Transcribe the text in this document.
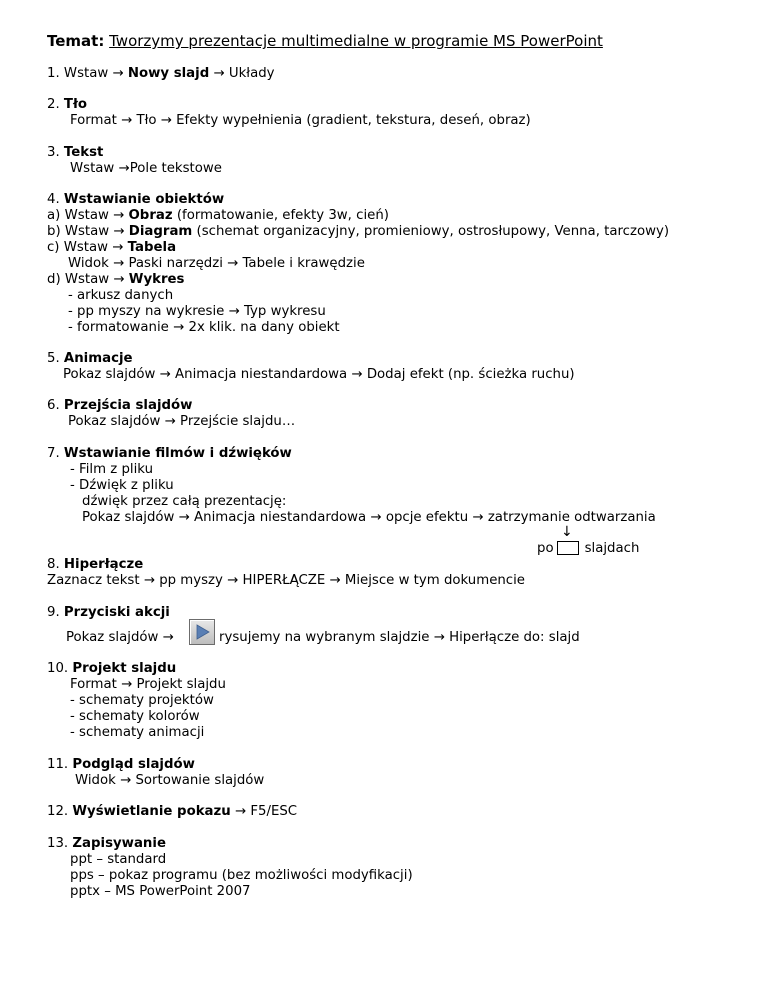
Temat: Tworzymy prezentacje multimedialne w programie MS PowerPoint
1. Wstaw → Nowy slajd → Układy
2. Tło
Format → Tło → Efekty wypełnienia (gradient, tekstura, deseń, obraz)
3. Tekst
Wstaw →Pole tekstowe
4. Wstawianie obiektów
a) Wstaw → Obraz (formatowanie, efekty 3w, cień)
b) Wstaw → Diagram (schemat organizacyjny, promieniowy, ostrosłupowy, Venna, tarczowy)
c) Wstaw → Tabela
Widok → Paski narzędzi → Tabele i krawędzie
d) Wstaw → Wykres
- arkusz danych
- pp myszy na wykresie → Typ wykresu
- formatowanie → 2x klik. na dany obiekt
5. Animacje
Pokaz slajdów → Animacja niestandardowa → Dodaj efekt (np. ścieżka ruchu)
6. Przejścia slajdów
Pokaz slajdów → Przejście slajdu…
7. Wstawianie filmów i dźwięków
- Film z pliku
- Dźwięk z pliku
dźwięk przez całą prezentację:
Pokaz slajdów → Animacja niestandardowa → opcje efektu → zatrzymanie odtwarzania
↓
po slajdach
8. Hiperłącze
Zaznacz tekst → pp myszy → HIPERŁĄCZE → Miejsce w tym dokumencie
9. Przyciski akcji
Pokaz slajdów →	rysujemy na wybranym slajdzie → Hiperłącze do: slajd
10. Projekt slajdu
Format → Projekt slajdu
- schematy projektów
- schematy kolorów
- schematy animacji
11. Podgląd slajdów
Widok → Sortowanie slajdów
12. Wyświetlanie pokazu → F5/ESC
13. Zapisywanie
ppt – standard
pps – pokaz programu (bez możliwości modyfikacji)
pptx – MS PowerPoint 2007
